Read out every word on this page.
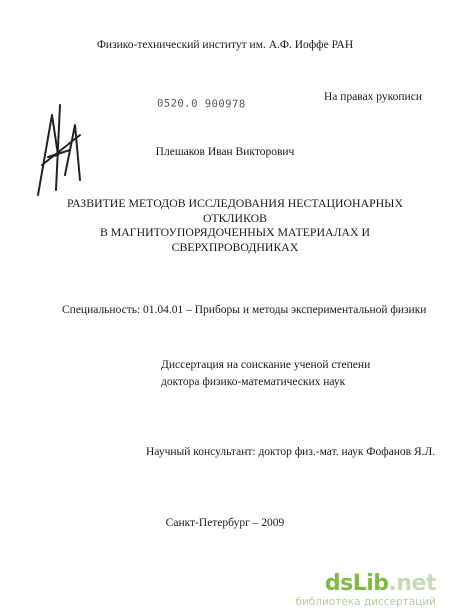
Физико-технический институт им. А.Ф. Иоффе РАН
0520.0 900978
На правах рукописи
Плешаков Иван Викторович
РАЗВИТИЕ МЕТОДОВ ИССЛЕДОВАНИЯ НЕСТАЦИОНАРНЫХ
ОТКЛИКОВ
В МАГНИТОУПОРЯДОЧЕННЫХ МАТЕРИАЛАХ И
СВЕРХПРОВОДНИКАХ
Специальность: 01.04.01 – Приборы и методы экспериментальной физики
Диссертация на соискание ученой степени
доктора физико-математических наук
Научный консультант: доктор физ.-мат. наук Фофанов Я.Л.
Санкт-Петербург – 2009
dsLib.net
библиотека диссертаций
